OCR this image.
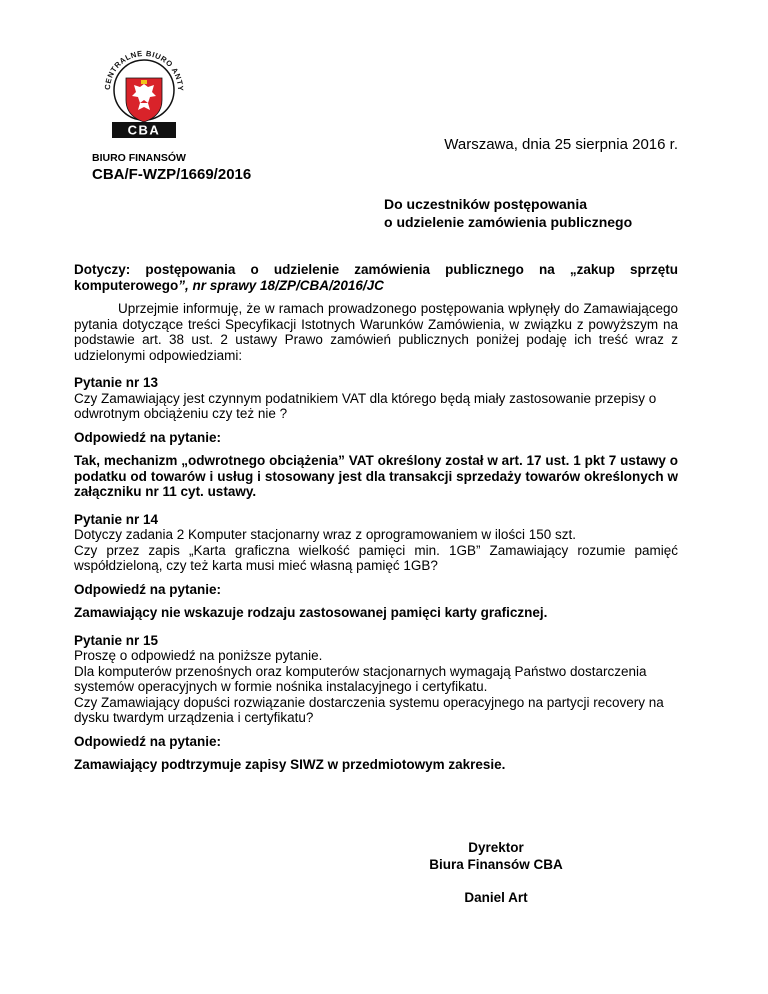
CENTRALNE BIURO ANTY
CBA
Warszawa, dnia 25 sierpnia 2016 r.
BIURO FINANSÓW
CBA/F-WZP/1669/2016
Do uczestników postępowania
o udzielenie zamówienia publicznego
Dotyczy: postępowania o udzielenie zamówienia publicznego na „zakup sprzętu komputerowego”, nr sprawy 18/ZP/CBA/2016/JC
Uprzejmie informuję, że w ramach prowadzonego postępowania wpłynęły do Zamawiającego pytania dotyczące treści Specyfikacji Istotnych Warunków Zamówienia, w związku z powyższym na podstawie art. 38 ust. 2 ustawy Prawo zamówień publicznych poniżej podaję ich treść wraz z udzielonymi odpowiedziami:
Pytanie nr 13
Czy Zamawiający jest czynnym podatnikiem VAT dla którego będą miały zastosowanie przepisy o odwrotnym obciążeniu czy też nie ?
Odpowiedź na pytanie:
Tak, mechanizm „odwrotnego obciążenia” VAT określony został w art. 17 ust. 1 pkt 7 ustawy o podatku od towarów i usług i stosowany jest dla transakcji sprzedaży towarów określonych w załączniku nr 11 cyt. ustawy.
Pytanie nr 14
Dotyczy zadania 2 Komputer stacjonarny wraz z oprogramowaniem w ilości 150 szt.
Czy przez zapis „Karta graficzna wielkość pamięci min. 1GB” Zamawiający rozumie pamięć współdzieloną, czy też karta musi mieć własną pamięć 1GB?
Odpowiedź na pytanie:
Zamawiający nie wskazuje rodzaju zastosowanej pamięci karty graficznej.
Pytanie nr 15
Proszę o odpowiedź na poniższe pytanie.
Dla komputerów przenośnych oraz komputerów stacjonarnych wymagają Państwo dostarczenia systemów operacyjnych w formie nośnika instalacyjnego i certyfikatu.
Czy Zamawiający dopuści rozwiązanie dostarczenia systemu operacyjnego na partycji recovery na dysku twardym urządzenia i certyfikatu?
Odpowiedź na pytanie:
Zamawiający podtrzymuje zapisy SIWZ w przedmiotowym zakresie.
Dyrektor
Biura Finansów CBA
Daniel Art
